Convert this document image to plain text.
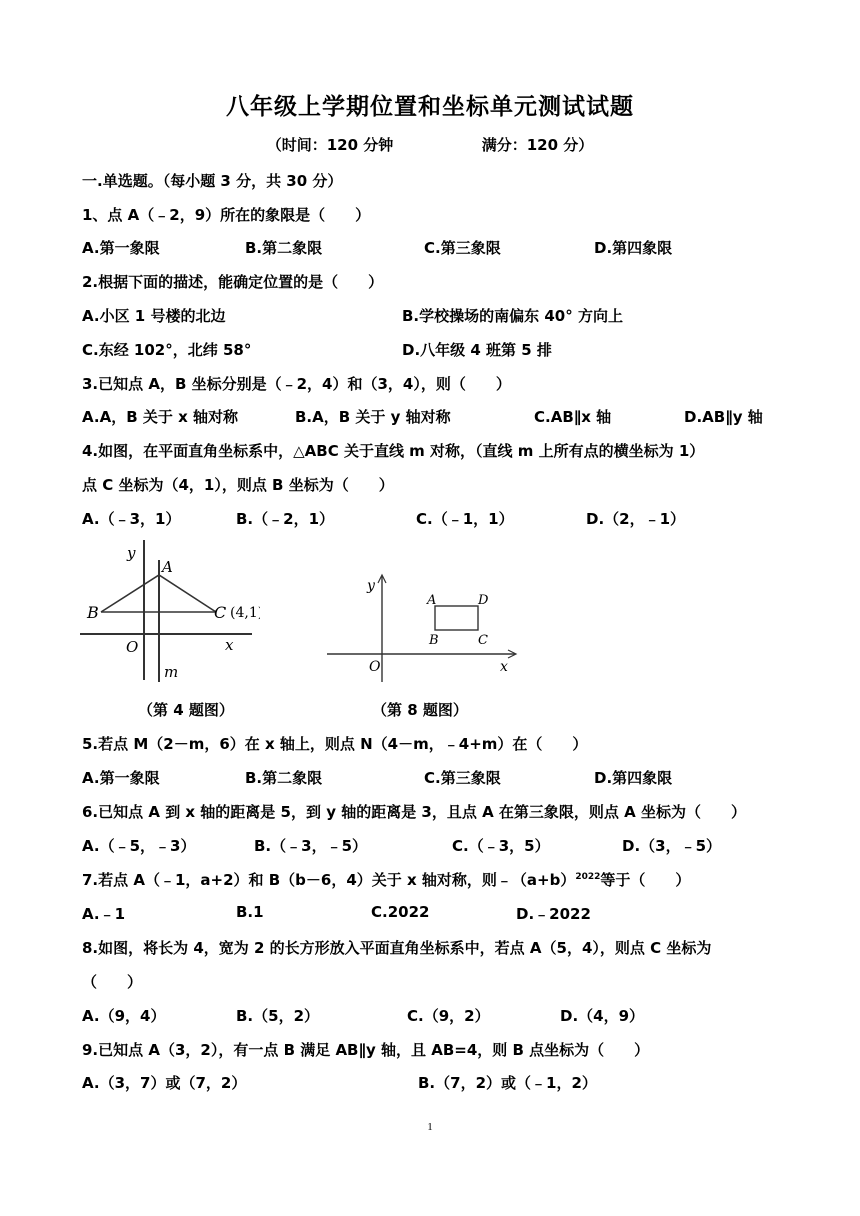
八年级上学期位置和坐标单元测试试题
（时间：120 分钟	满分：120 分）
一.单选题。（每小题 3 分，共 30 分）
1、点 A（﹣2，9）所在的象限是（　　）
A.第一象限	B.第二象限	C.第三象限	D.第四象限
2.根据下面的描述，能确定位置的是（　　）
A.小区 1 号楼的北边	B.学校操场的南偏东 40° 方向上
C.东经 102°，北纬 58°	D.八年级 4 班第 5 排
3.已知点 A，B 坐标分别是（﹣2，4）和（3，4），则（　　）
A.A，B 关于 x 轴对称	B.A，B 关于 y 轴对称	C.AB∥x 轴	D.AB∥y 轴
4.如图，在平面直角坐标系中，△ABC 关于直线 m 对称，（直线 m 上所有点的横坐标为 1）
点 C 坐标为（4，1），则点 B 坐标为（　　）
A.（﹣3，1）	B.（﹣2，1）	C.（﹣1，1）	D.（2，﹣1）
y
A
B	C (4,1)
O	x
m
y
A	D
B	C
O	x
（第 4 题图）	（第 8 题图）
5.若点 M（2－m，6）在 x 轴上，则点 N（4－m，﹣4+m）在（　　）
A.第一象限	B.第二象限	C.第三象限	D.第四象限
6.已知点 A 到 x 轴的距离是 5，到 y 轴的距离是 3，且点 A 在第三象限，则点 A 坐标为（　　）
A.（﹣5，﹣3）	B.（﹣3，﹣5）	C.（﹣3，5）	D.（3，﹣5）
7.若点 A（﹣1，a+2）和 B（b－6，4）关于 x 轴对称，则$﹣(a+b)^{2022}$等于（　　）
A.﹣1	B.1	C.2022	D.﹣2022
8.如图，将长为 4，宽为 2 的长方形放入平面直角坐标系中，若点 A（5，4），则点 C 坐标为
（　　）
A.（9，4）	B.（5，2）	C.（9，2）	D.（4，9）
9.已知点 A（3，2），有一点 B 满足 AB∥y 轴，且 AB=4，则 B 点坐标为（　　）
A.（3，7）或（7，2）	B.（7，2）或（﹣1，2）
1
